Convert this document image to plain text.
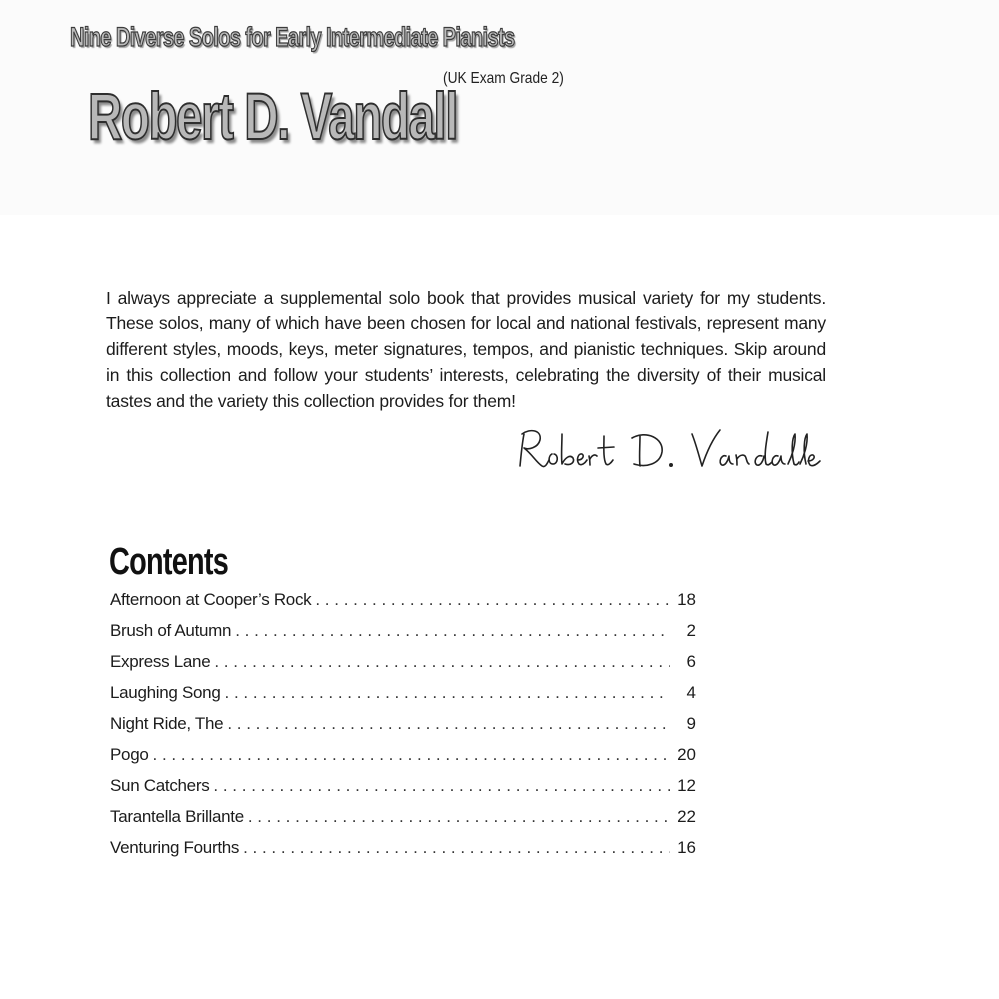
Nine Diverse Solos for Early Intermediate Pianists
(UK Exam Grade 2)
Robert D. Vandall

I always appreciate a supplemental solo book that provides musical variety for my students. These solos, many of which have been chosen for local and national festivals, represent many different styles, moods, keys, meter signatures, tempos, and pianistic techniques. Skip around in this collection and follow your students’ interests, celebrating the diversity of their musical tastes and the variety this collection provides for them!

Contents
Afternoon at Cooper’s Rock . . .	18
Brush of Autumn . . .	2
Express Lane . . .	6
Laughing Song . . .	4
Night Ride, The . . .	9
Pogo . . .	20
Sun Catchers . . .	12
Tarantella Brillante . . .	22
Venturing Fourths . . .	16
